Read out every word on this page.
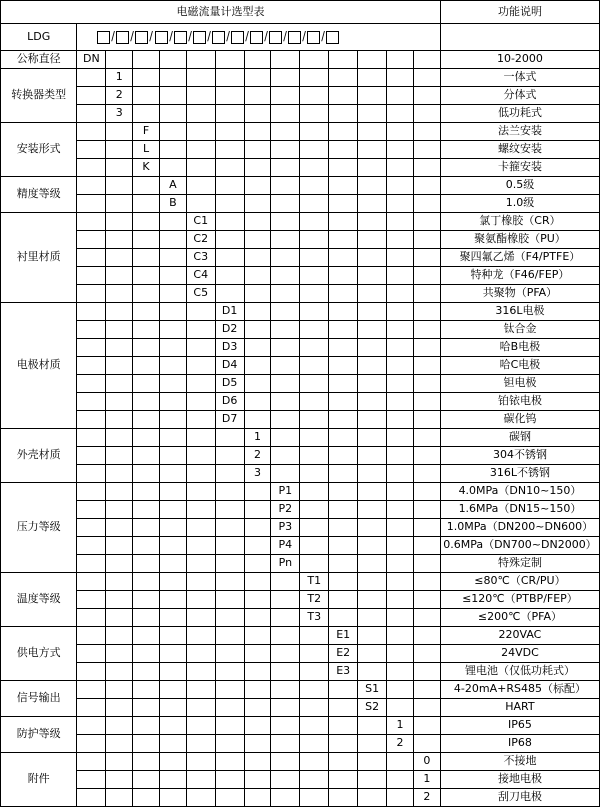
电磁流量计选型表														功能说明
LDG	/ / / / / / / / / / / /

公称直径	DN													10-2000
转换器类型		1												一体式
		2												分体式
		3												低功耗式
安装形式			F											法兰安装
			L											螺纹安装
			K											卡箍安装
精度等级				A										0.5级
				B										1.0级
衬里材质					C1									氯丁橡胶（CR）
					C2									聚氨酯橡胶（PU）
					C3									聚四氟乙烯（F4/PTFE）
					C4									特种龙（F46/FEP）
					C5									共聚物（PFA）
电极材质						D1								316L电极
						D2								钛合金
						D3								哈B电极
						D4								哈C电极
						D5								钽电极
						D6								铂铱电极
						D7								碳化钨
外壳材质							1							碳钢
							2							304不锈钢
							3							316L不锈钢
压力等级								P1						4.0MPa（DN10~150）
								P2						1.6MPa（DN15~150）
								P3						1.0MPa（DN200~DN600）
								P4						0.6MPa（DN700~DN2000）
								Pn						特殊定制
温度等级									T1					≤80℃（CR/PU）
									T2					≤120℃（PTBP/FEP）
									T3					≤200℃（PFA）
供电方式										E1				220VAC
										E2				24VDC
										E3				锂电池（仅低功耗式）
信号输出											S1			4-20mA+RS485（标配）
											S2			HART
防护等级												1		IP65
												2		IP68
附件													0	不接地
													1	接地电极
													2	刮刀电极
